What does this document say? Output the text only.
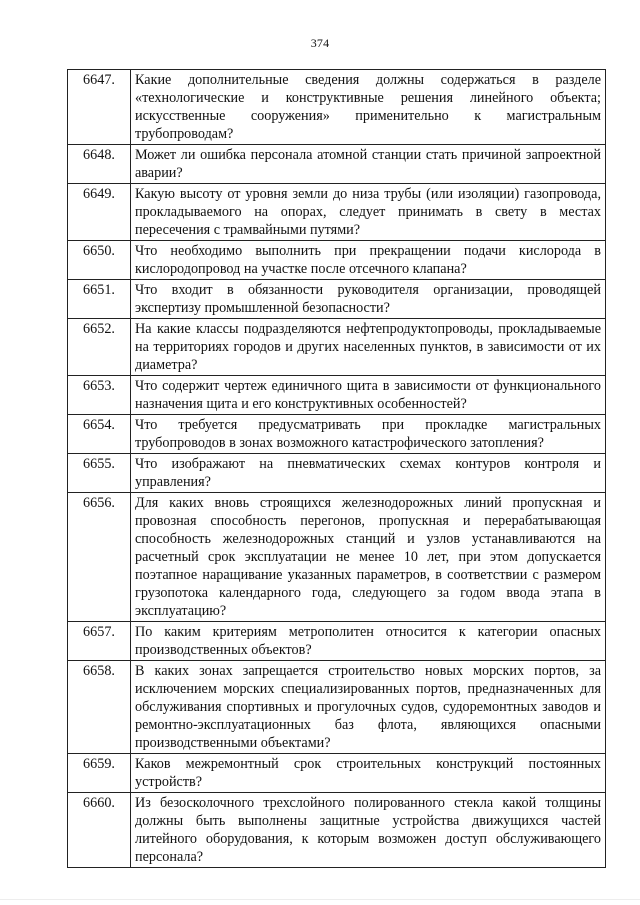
374
6647.	Какие дополнительные сведения должны содержаться в разделе «технологические и конструктивные решения линейного объекта; искусственные сооружения» применительно к магистральным трубопроводам?
6648.	Может ли ошибка персонала атомной станции стать причиной запроектной аварии?
6649.	Какую высоту от уровня земли до низа трубы (или изоляции) газопровода, прокладываемого на опорах, следует принимать в свету в местах пересечения с трамвайными путями?
6650.	Что необходимо выполнить при прекращении подачи кислорода в кислородопровод на участке после отсечного клапана?
6651.	Что входит в обязанности руководителя организации, проводящей экспертизу промышленной безопасности?
6652.	На какие классы подразделяются нефтепродуктопроводы, прокладываемые на территориях городов и других населенных пунктов, в зависимости от их диаметра?
6653.	Что содержит чертеж единичного щита в зависимости от функционального назначения щита и его конструктивных особенностей?
6654.	Что требуется предусматривать при прокладке магистральных трубопроводов в зонах возможного катастрофического затопления?
6655.	Что изображают на пневматических схемах контуров контроля и управления?
6656.	Для каких вновь строящихся железнодорожных линий пропускная и провозная способность перегонов, пропускная и перерабатывающая способность железнодорожных станций и узлов устанавливаются на расчетный срок эксплуатации не менее 10 лет, при этом допускается поэтапное наращивание указанных параметров, в соответствии с размером грузопотока календарного года, следующего за годом ввода этапа в эксплуатацию?
6657.	По каким критериям метрополитен относится к категории опасных производственных объектов?
6658.	В каких зонах запрещается строительство новых морских портов, за исключением морских специализированных портов, предназначенных для обслуживания спортивных и прогулочных судов, судоремонтных заводов и ремонтно-эксплуатационных баз флота, являющихся опасными производственными объектами?
6659.	Каков межремонтный срок строительных конструкций постоянных устройств?
6660.	Из безосколочного трехслойного полированного стекла какой толщины должны быть выполнены защитные устройства движущихся частей литейного оборудования, к которым возможен доступ обслуживающего персонала?
